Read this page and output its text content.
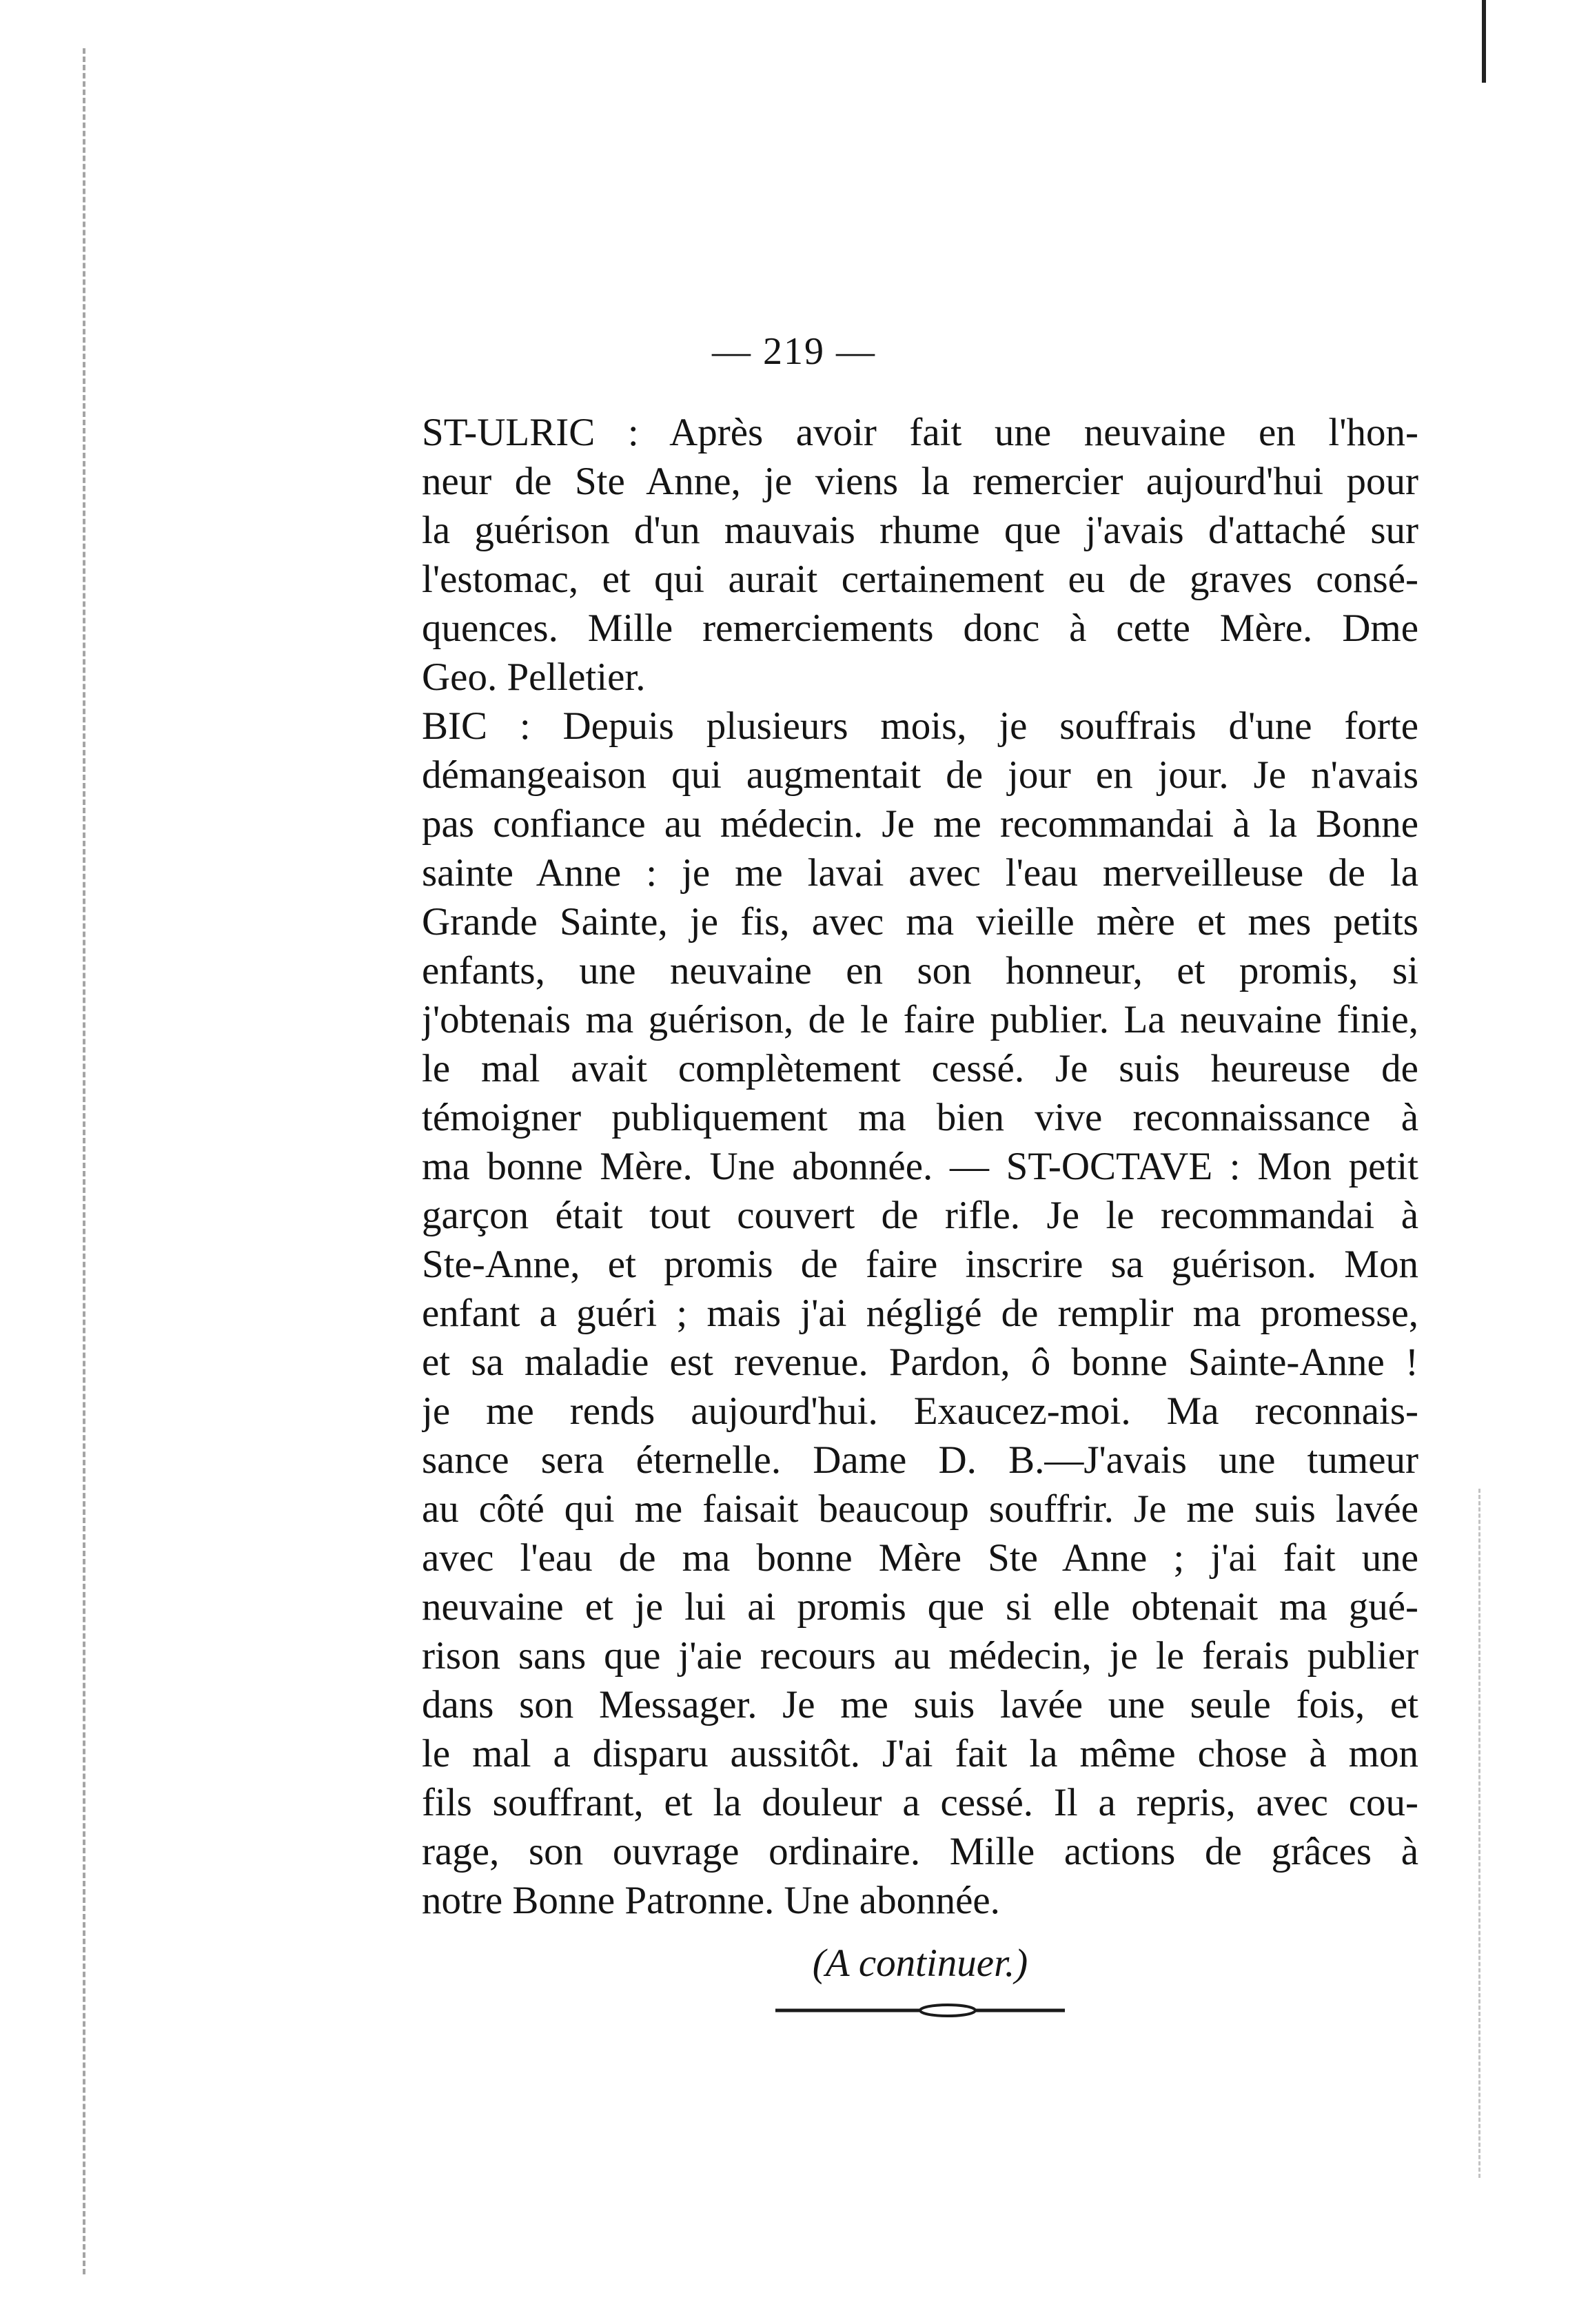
— 219 —
ST-ULRIC : Après avoir fait une neuvaine en l'hon-
neur de Ste Anne, je viens la remercier aujourd'hui pour
la guérison d'un mauvais rhume que j'avais d'attaché sur
l'estomac, et qui aurait certainement eu de graves consé-
quences. Mille remerciements donc à cette Mère. Dme
Geo. Pelletier.
BIC : Depuis plusieurs mois, je souffrais d'une forte
démangeaison qui augmentait de jour en jour. Je n'avais
pas confiance au médecin. Je me recommandai à la Bonne
sainte Anne : je me lavai avec l'eau merveilleuse de la
Grande Sainte, je fis, avec ma vieille mère et mes petits
enfants, une neuvaine en son honneur, et promis, si
j'obtenais ma guérison, de le faire publier. La neuvaine finie,
le mal avait complètement cessé. Je suis heureuse de
témoigner publiquement ma bien vive reconnaissance à
ma bonne Mère. Une abonnée. — ST-OCTAVE : Mon petit
garçon était tout couvert de rifle. Je le recommandai à
Ste-Anne, et promis de faire inscrire sa guérison. Mon
enfant a guéri ; mais j'ai négligé de remplir ma promesse,
et sa maladie est revenue. Pardon, ô bonne Sainte-Anne !
je me rends aujourd'hui. Exaucez-moi. Ma reconnais-
sance sera éternelle. Dame D. B.—J'avais une tumeur
au côté qui me faisait beaucoup souffrir. Je me suis lavée
avec l'eau de ma bonne Mère Ste Anne ; j'ai fait une
neuvaine et je lui ai promis que si elle obtenait ma gué-
rison sans que j'aie recours au médecin, je le ferais publier
dans son Messager. Je me suis lavée une seule fois, et
le mal a disparu aussitôt. J'ai fait la même chose à mon
fils souffrant, et la douleur a cessé. Il a repris, avec cou-
rage, son ouvrage ordinaire. Mille actions de grâces à
notre Bonne Patronne. Une abonnée.
(A continuer.)
